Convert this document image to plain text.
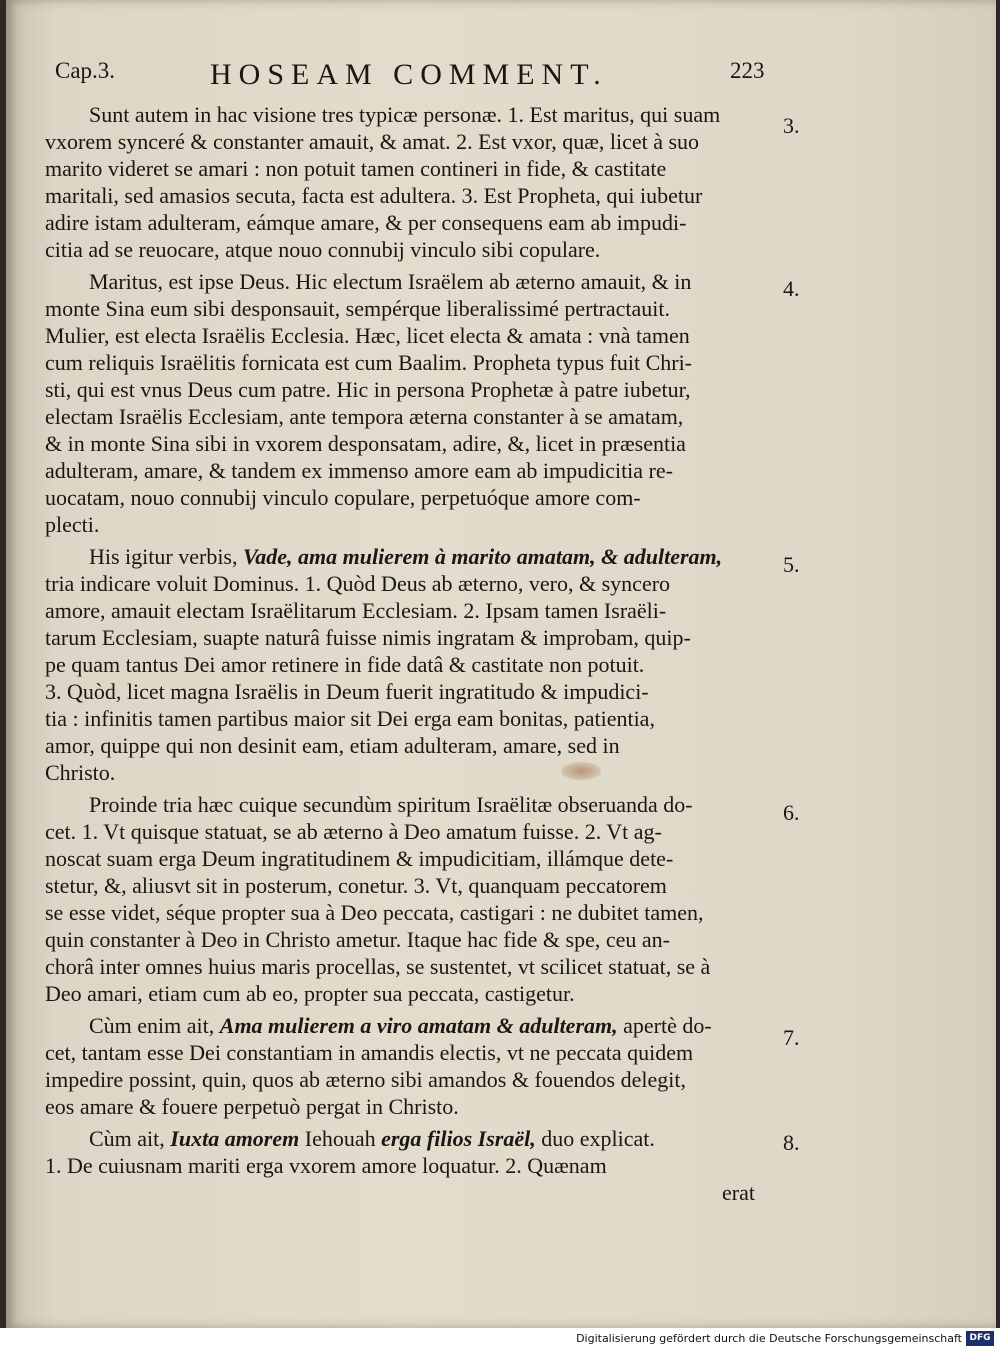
Cap.3.	HOSEAM COMMENT.	223
Sunt autem in hac visione tres typicæ personæ. 1. Est maritus, qui suam
vxorem synceré & constanter amauit, & amat. 2. Est vxor, quæ, licet à suo
marito videret se amari : non potuit tamen contineri in fide, & castitate
maritali, sed amasios secuta, facta est adultera. 3. Est Propheta, qui iubetur
adire istam adulteram, eámque amare, & per consequens eam ab impudi-
citia ad se reuocare, atque nouo connubij vinculo sibi copulare.
Maritus, est ipse Deus. Hic electum Israëlem ab æterno amauit, & in
monte Sina eum sibi desponsauit, sempérque liberalissimé pertractauit.
Mulier, est electa Israëlis Ecclesia. Hæc, licet electa & amata : vnà tamen
cum reliquis Israëlitis fornicata est cum Baalim. Propheta typus fuit Chri-
sti, qui est vnus Deus cum patre. Hic in persona Prophetæ à patre iubetur,
electam Israëlis Ecclesiam, ante tempora æterna constanter à se amatam,
& in monte Sina sibi in vxorem desponsatam, adire, &, licet in præsentia
adulteram, amare, & tandem ex immenso amore eam ab impudicitia re-
uocatam, nouo connubij vinculo copulare, perpetuóque amore com-
plecti.
His igitur verbis, Vade, ama mulierem à marito amatam, & adulteram,
tria indicare voluit Dominus. 1. Quòd Deus ab æterno, vero, & syncero
amore, amauit electam Israëlitarum Ecclesiam. 2. Ipsam tamen Israëli-
tarum Ecclesiam, suapte naturâ fuisse nimis ingratam & improbam, quip-
pe quam tantus Dei amor retinere in fide datâ & castitate non potuit.
3. Quòd, licet magna Israëlis in Deum fuerit ingratitudo & impudici-
tia : infinitis tamen partibus maior sit Dei erga eam bonitas, patientia,
amor, quippe qui non desinit eam, etiam adulteram, amare, sed in
Christo.
Proinde tria hæc cuique secundùm spiritum Israëlitæ obseruanda do-
cet. 1. Vt quisque statuat, se ab æterno à Deo amatum fuisse. 2. Vt ag-
noscat suam erga Deum ingratitudinem & impudicitiam, illámque dete-
stetur, &, aliusvt sit in posterum, conetur. 3. Vt, quanquam peccatorem
se esse videt, séque propter sua à Deo peccata, castigari : ne dubitet tamen,
quin constanter à Deo in Christo ametur. Itaque hac fide & spe, ceu an-
chorâ inter omnes huius maris procellas, se sustentet, vt scilicet statuat, se à
Deo amari, etiam cum ab eo, propter sua peccata, castigetur.
Cùm enim ait, Ama mulierem a viro amatam & adulteram, apertè do-
cet, tantam esse Dei constantiam in amandis electis, vt ne peccata quidem
impedire possint, quin, quos ab æterno sibi amandos & fouendos delegit,
eos amare & fouere perpetuò pergat in Christo.
Cùm ait, Iuxta amorem Iehouah erga filios Israël, duo explicat.
1. De cuiusnam mariti erga vxorem amore loquatur. 2. Quænam
erat
3.
4.
5.
6.
7.
8.
Digitalisierung gefördert durch die Deutsche Forschungsgemeinschaft DFG
